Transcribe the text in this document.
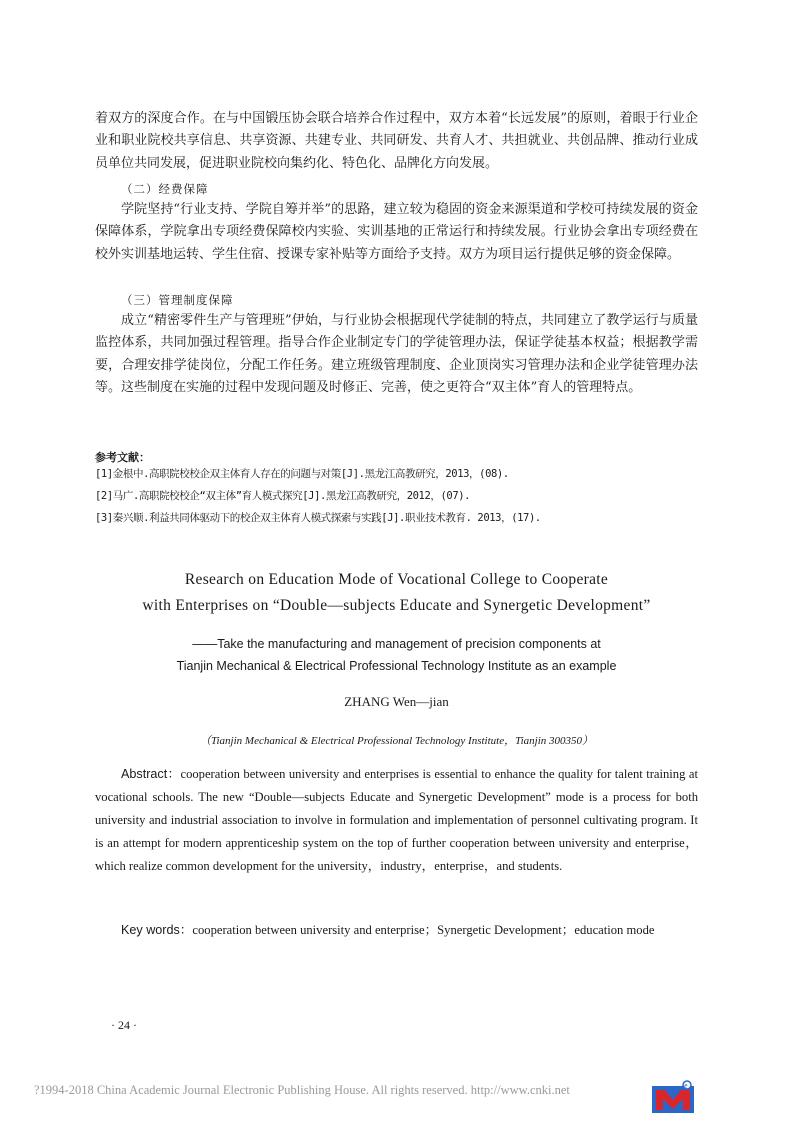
着双方的深度合作。在与中国锻压协会联合培养合作过程中，双方本着“长远发展”的原则，着眼于行业企业和职业院校共享信息、共享资源、共建专业、共同研发、共育人才、共担就业、共创品牌、推动行业成员单位共同发展，促进职业院校向集约化、特色化、品牌化方向发展。

（二）经费保障

学院坚持“行业支持、学院自筹并举”的思路，建立较为稳固的资金来源渠道和学校可持续发展的资金保障体系，学院拿出专项经费保障校内实验、实训基地的正常运行和持续发展。行业协会拿出专项经费在校外实训基地运转、学生住宿、授课专家补贴等方面给予支持。双方为项目运行提供足够的资金保障。

（三）管理制度保障

成立“精密零件生产与管理班”伊始，与行业协会根据现代学徒制的特点，共同建立了教学运行与质量监控体系，共同加强过程管理。指导合作企业制定专门的学徒管理办法，保证学徒基本权益；根据教学需要，合理安排学徒岗位，分配工作任务。建立班级管理制度、企业顶岗实习管理办法和企业学徒管理办法等。这些制度在实施的过程中发现问题及时修正、完善，使之更符合“双主体”育人的管理特点。

参考文献：
[1]金根中.高职院校校企双主体育人存在的问题与对策[J].黑龙江高教研究，2013，(08).
[2]马广.高职院校校企“双主体”育人模式探究[J].黑龙江高教研究，2012，(07).
[3]秦兴顺.利益共同体驱动下的校企双主体育人模式探索与实践[J].职业技术教育. 2013，(17).
Research on Education Mode of Vocational College to Cooperate
with Enterprises on “Double—subjects Educate and Synergetic Development”
——Take the manufacturing and management of precision components at
Tianjin Mechanical & Electrical Professional Technology Institute as an example
ZHANG Wen—jian
（Tianjin Mechanical & Electrical Professional Technology Institute，Tianjin 300350）

Abstract：cooperation between university and enterprises is essential to enhance the quality for talent training at vocational schools. The new “Double—subjects Educate and Synergetic Development” mode is a process for both university and industrial association to involve in formulation and implementation of personnel cultivating program. It is an attempt for modern apprenticeship system on the top of further cooperation between university and enterprise，which realize common development for the university，industry，enterprise，and students.

Key words：cooperation between university and enterprise；Synergetic Development；education mode

· 24 ·
?1994-2018 China Academic Journal Electronic Publishing House. All rights reserved. http://www.cnki.net	e
